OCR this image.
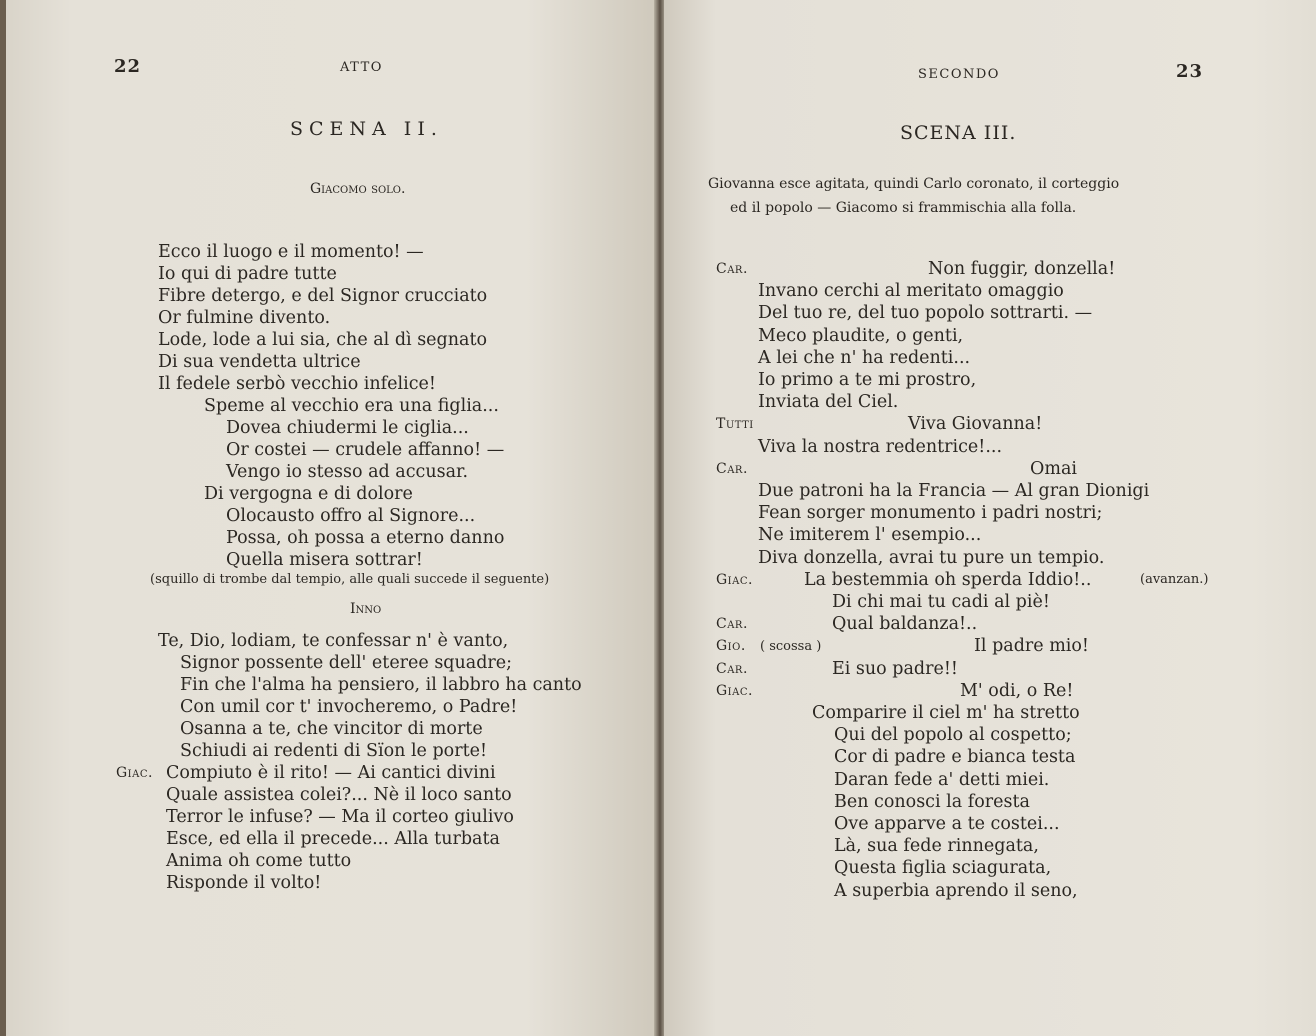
22	ATTO
SCENA II.
Giacomo solo.
Ecco il luogo e il momento! —
Io qui di padre tutte
Fibre detergo, e del Signor crucciato
Or fulmine divento.
Lode, lode a lui sia, che al dì segnato
Di sua vendetta ultrice
Il fedele serbò vecchio infelice!
Speme al vecchio era una figlia...
Dovea chiudermi le ciglia...
Or costei — crudele affanno! —
Vengo io stesso ad accusar.
Di vergogna e di dolore
Olocausto offro al Signore...
Possa, oh possa a eterno danno
Quella misera sottrar!
(squillo di trombe dal tempio, alle quali succede il seguente)
Inno
Te, Dio, lodiam, te confessar n' è vanto,
Signor possente dell' eteree squadre;
Fin che l'alma ha pensiero, il labbro ha canto
Con umil cor t' invocheremo, o Padre!
Osanna a te, che vincitor di morte
Schiudi ai redenti di Sïon le porte!
Giac. Compiuto è il rito! — Ai cantici divini
Quale assistea colei?... Nè il loco santo
Terror le infuse? — Ma il corteo giulivo
Esce, ed ella il precede... Alla turbata
Anima oh come tutto
Risponde il volto!
SECONDO	23
SCENA III.
Giovanna esce agitata, quindi Carlo coronato, il corteggio
ed il popolo — Giacomo si frammischia alla folla.
Car.	Non fuggir, donzella!
Invano cerchi al meritato omaggio
Del tuo re, del tuo popolo sottrarti. —
Meco plaudite, o genti,
A lei che n' ha redenti...
Io primo a te mi prostro,
Inviata del Ciel.
Tutti	Viva Giovanna!
Viva la nostra redentrice!...
Car.	Omai
Due patroni ha la Francia — Al gran Dionigi
Fean sorger monumento i padri nostri;
Ne imiterem l' esempio...
Diva donzella, avrai tu pure un tempio.
Giac.	La bestemmia oh sperda Iddio!..	(avanzan.)
Di chi mai tu cadi al piè!
Car.	Qual baldanza!..
Gio. ( scossa )	Il padre mio!
Car.	Ei suo padre!!
Giac.	M' odi, o Re!
Comparire il ciel m' ha stretto
Qui del popolo al cospetto;
Cor di padre e bianca testa
Daran fede a' detti miei.
Ben conosci la foresta
Ove apparve a te costei...
Là, sua fede rinnegata,
Questa figlia sciagurata,
A superbia aprendo il seno,
